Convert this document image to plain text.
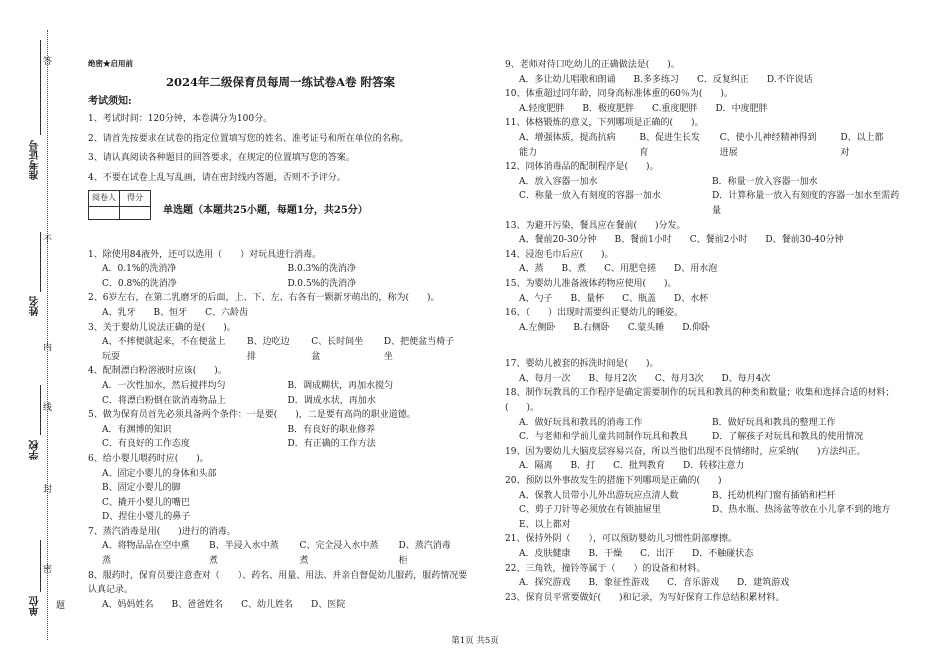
答
不
内
线
封
密
题
准考证号
姓名
学校
单位
绝密★启用前
2024年二级保育员每周一练试卷A卷 附答案
考试须知:
1、考试时间：120分钟，本卷满分为100分。
2、请首先按要求在试卷的指定位置填写您的姓名、准考证号和所在单位的名称。
3、请认真阅读各种题目的回答要求，在规定的位置填写您的答案。
4、不要在试卷上乱写乱画，请在密封线内答题，否则不予评分。
阅卷人	得分

单选题（本题共25小题，每题1分，共25分）
1、除使用84液外，还可以选用（　　）对玩具进行消毒。
A．0.1%的洗消净	B.0.3%的洗消净
C．0.8%的洗消净	D.0.5%的洗消净
2、6岁左右，在第二乳磨牙的后面，上、下、左、右各有一颗新牙萌出的，称为(　　)。
A、乳牙 B、恒牙 C、六龄齿
3、关于婴幼儿说法正确的是(　　)。
A、不摔便就起来，不在便盆上玩耍
B、边吃边排
C、长时间坐盆
D、把便盆当椅子坐
4、配制漂白粉溶液时应该(　　)。
A．一次性加水，然后搅拌均匀	B．调成糊状，再加水搅匀
C．将漂白粉倒在欲消毒物品上	D．调成水状，再加水
5、做为保育员首先必须具备两个条件：一是要(　　)，二是要有高尚的职业道德。
A．有渊博的知识	B．有良好的职业修养
C．有良好的工作态度	D．有正确的工作方法
6、给小婴儿喂药时应(　　)。
A、固定小婴儿的身体和头部
B、固定小婴儿的脚
C、撬开小婴儿的嘴巴
D、捏住小婴儿的鼻子
7、蒸汽消毒是用(　　)进行的消毒。
A、将物品品在空中熏蒸
B、半浸入水中蒸煮
C、完全浸入水中蒸煮
D、蒸汽消毒柜
8、服药时，保育员要注意查对（　　）、药名、用量、用法、并亲自督促幼儿服药，服药情况要认真记录。
A、妈妈姓名 B、爸爸姓名 C、幼儿姓名 D、医院
9、老师对待口吃幼儿的正确做法是(　　)。
A．多让幼儿唱歌和朗诵 B.多多练习 C．反复纠正 D.不许说话
10、体重超过同年龄，同身高标准体重的60％为(　　)。
A.轻度肥胖 B．极度肥胖 C.重度肥胖 D．中度肥胖
11、体格锻炼的意义，下列哪项是正确的(　　)。
A、增强体质，提高抗病能力
B、促进生长发育
C、使小儿神经精神得到进展
D、以上都对
12、同体消毒品的配制程序是(　　)。
A．放入容器一加水	B．称量一放入容器一加水
C．称量一放入有刻度的容器一加水	D．计算称量一放入有刻度的容器一加水至需药量
13、为避开污染，餐具应在餐前(　　)分发。
A、餐前20-30分钟 B、餐前1小时 C、餐前2小时 D、餐前30-40分钟
14、浸泡毛巾后应(　　)。
A、蒸 B、煮 C、用肥皂搓 D、用水泡
15、为婴幼儿准备液体药物应使用(　　)。
A、勺子 B、量杯 C、瓶盖 D、水杯
16、（　　）出现时需要纠正婴幼儿的睡姿。
A.左侧卧 B.右侧卧 C.蒙头睡 D.仰卧
17、婴幼儿被套的拆洗时间是(　　)。
A、每月一次 B、每月2次 C、每月3次 D、每月4次
18、制作玩教具的工作程序是确定需要制作的玩具和教具的种类和数量；收集和选择合适的材料；(　　)。
A．做好玩具和教具的消毒工作	B．做好玩具和教具的整理工作
C．与老师和学前儿童共同制作玩具和教具	D．了解孩子对玩具和教具的使用情况
19、因为婴幼儿大脑皮层容易兴奋，所以当他们出现不良情绪时，应采纳(　　)方法纠正。
A．隔离 B．打 C．批判教育 D．转移注意力
20、预防以外事故发生的措施下列哪项是正确的(　　)
A、保教人员带小儿外出游玩应点清人数	B、托幼机构门窗有插销和栏杆
C、剪子刀针等必须放在有锁抽屉里	D、热水瓶、热汤盆等放在小儿拿不到的地方
E、以上都对
21、保持外阴（　　），可以预防婴幼儿习惯性阴部摩擦。
A．皮肤健康 B．干燥 C．出汗 D．不触碰状态
22、三角铁，撞铃等属于（　　）的设备和材料。
A．探究游戏 B．象征性游戏 C．音乐游戏 D．建筑游戏
23、保育员平常要做好(　　)和记录，为写好保育工作总结积累材料。
第1页 共5页
